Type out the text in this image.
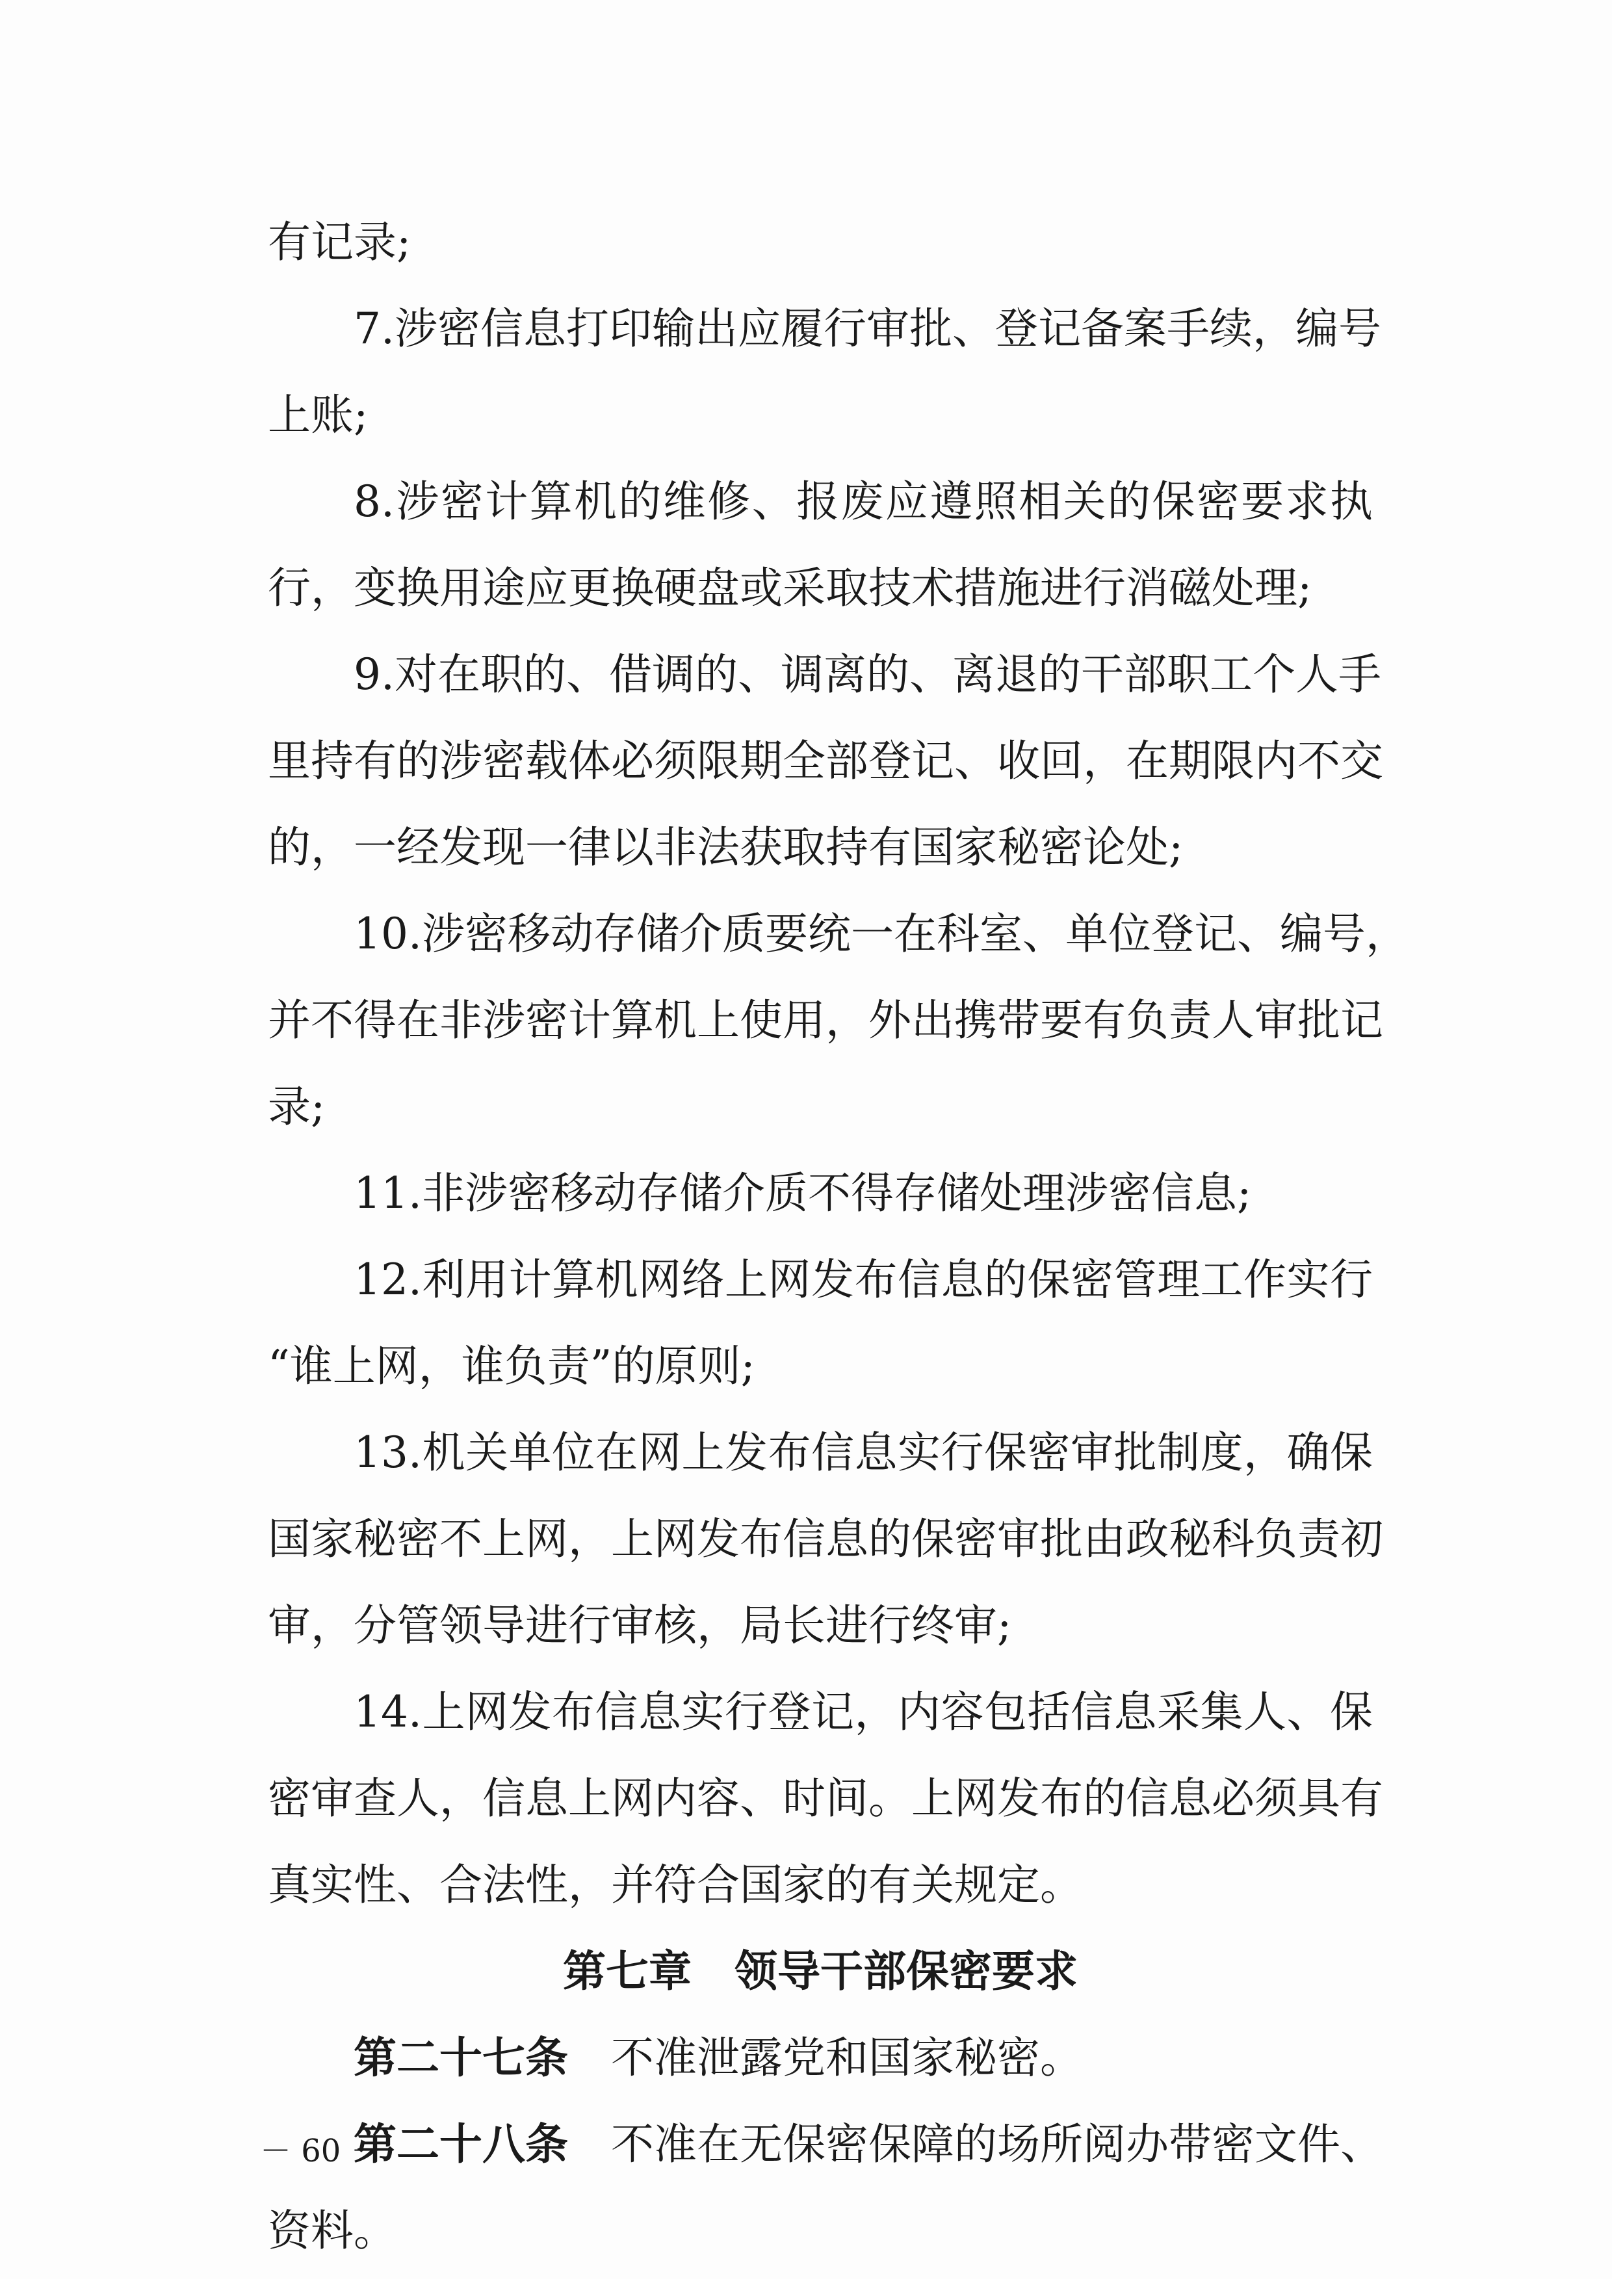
有记录;
7.涉密信息打印输出应履行审批、登记备案手续，编号
上账;
8.涉密计算机的维修、报废应遵照相关的保密要求执
行，变换用途应更换硬盘或采取技术措施进行消磁处理;
9.对在职的、借调的、调离的、离退的干部职工个人手
里持有的涉密载体必须限期全部登记、收回，在期限内不交
的，一经发现一律以非法获取持有国家秘密论处;
10.涉密移动存储介质要统一在科室、单位登记、编号，
并不得在非涉密计算机上使用，外出携带要有负责人审批记
录;
11.非涉密移动存储介质不得存储处理涉密信息;
12.利用计算机网络上网发布信息的保密管理工作实行
“谁上网，谁负责”的原则;
13.机关单位在网上发布信息实行保密审批制度，确保
国家秘密不上网，上网发布信息的保密审批由政秘科负责初
审，分管领导进行审核，局长进行终审;
14.上网发布信息实行登记，内容包括信息采集人、保
密审查人，信息上网内容、时间。上网发布的信息必须具有
真实性、合法性，并符合国家的有关规定。
第七章　领导干部保密要求
第二十七条 不准泄露党和国家秘密。
第二十八条 不准在无保密保障的场所阅办带密文件、
资料。
－ 60 －
